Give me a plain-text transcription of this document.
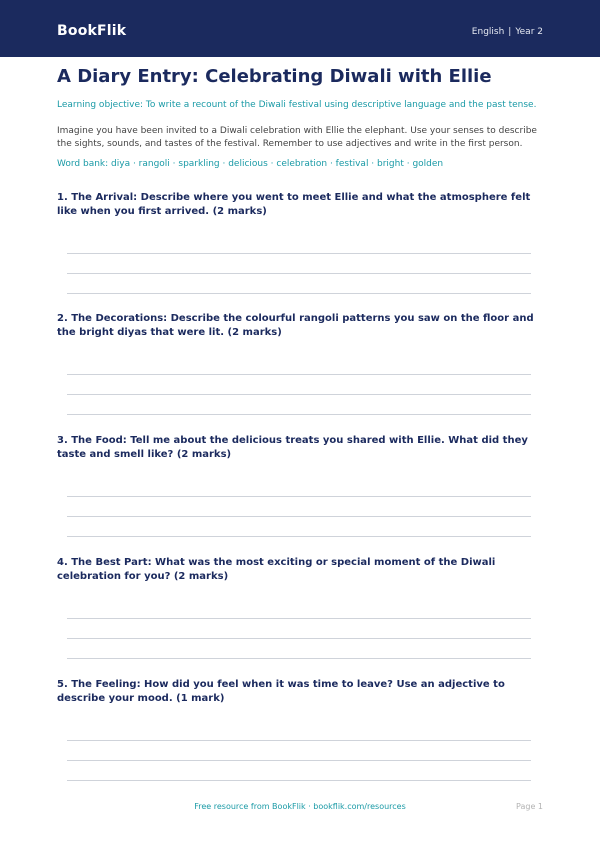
BookFlik	English | Year 2
A Diary Entry: Celebrating Diwali with Ellie
Learning objective: To write a recount of the Diwali festival using descriptive language and the past tense.
Imagine you have been invited to a Diwali celebration with Ellie the elephant. Use your senses to describe the sights, sounds, and tastes of the festival. Remember to use adjectives and write in the first person.
Word bank: diya · rangoli · sparkling · delicious · celebration · festival · bright · golden
1. The Arrival: Describe where you went to meet Ellie and what the atmosphere felt like when you first arrived. (2 marks)
2. The Decorations: Describe the colourful rangoli patterns you saw on the floor and the bright diyas that were lit. (2 marks)
3. The Food: Tell me about the delicious treats you shared with Ellie. What did they taste and smell like? (2 marks)
4. The Best Part: What was the most exciting or special moment of the Diwali celebration for you? (2 marks)
5. The Feeling: How did you feel when it was time to leave? Use an adjective to describe your mood. (1 mark)
Free resource from BookFlik · bookflik.com/resources	Page 1
